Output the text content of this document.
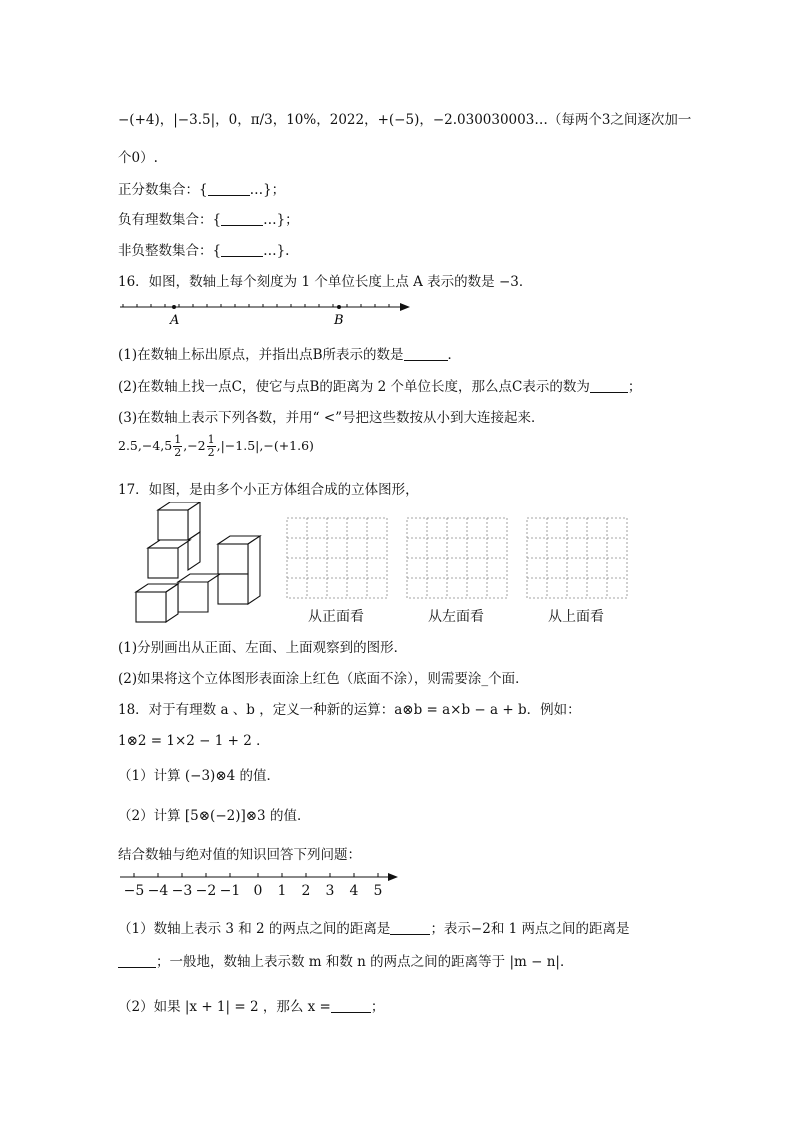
−(+4)，|−3.5|，0，π/3，10%，2022，+(−5)，−2.030030003…（每两个3之间逐次加一
个0）.
正分数集合：{	…}；
负有理数集合：{	…}；
非负整数集合：{	…}.
16．如图，数轴上每个刻度为 1 个单位长度上点 A 表示的数是 −3．
A	B
(1)在数轴上标出原点，并指出点B所表示的数是	．
(2)在数轴上找一点C，使它与点B的距离为 2 个单位长度，那么点C表示的数为	；
(3)在数轴上表示下列各数，并用“ <”号把这些数按从小到大连接起来．
$2.5,-4,5 \frac{1}{2} ,-2 \frac{1}{2} ,|-1.5|,-(+1.6)$
17．如图，是由多个小正方体组合成的立体图形，
从正面看	从左面看	从上面看
(1)分别画出从正面、左面、上面观察到的图形．
(2)如果将这个立体图形表面涂上红色（底面不涂），则需要涂_个面．
18．对于有理数 a 、b ，定义一种新的运算：a⊗b = a×b − a + b．例如：
1⊗2 = 1×2 − 1 + 2 ．
（1）计算 (−3)⊗4 的值．
（2）计算 [5⊗(−2)]⊗3 的值．
结合数轴与绝对值的知识回答下列问题：
−5 −4 −3 −2 −1 0 1 2 3 4 5
（1）数轴上表示 3 和 2 的两点之间的距离是	；表示−2和 1 两点之间的距离是
；一般地，数轴上表示数 m 和数 n 的两点之间的距离等于 |m − n|．
（2）如果 |x + 1| = 2 ，那么 x =	；
